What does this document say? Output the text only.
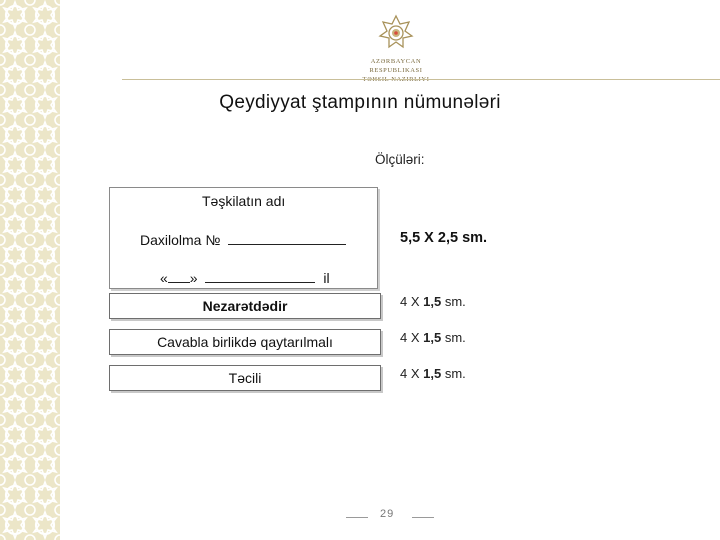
AZƏRBAYCAN RESPUBLIKASI
Qeydiyyat ştampının nümunələri
Ölçüləri:
Təşkilatın adı
Daxilolma №
« »	il
5,5 X 2,5 sm.
Nezarətdədir	4 X 1,5 sm.
Cavabla birlikdə qaytarılmalı	4 X 1,5 sm.
Təcili	4 X 1,5 sm.
29
